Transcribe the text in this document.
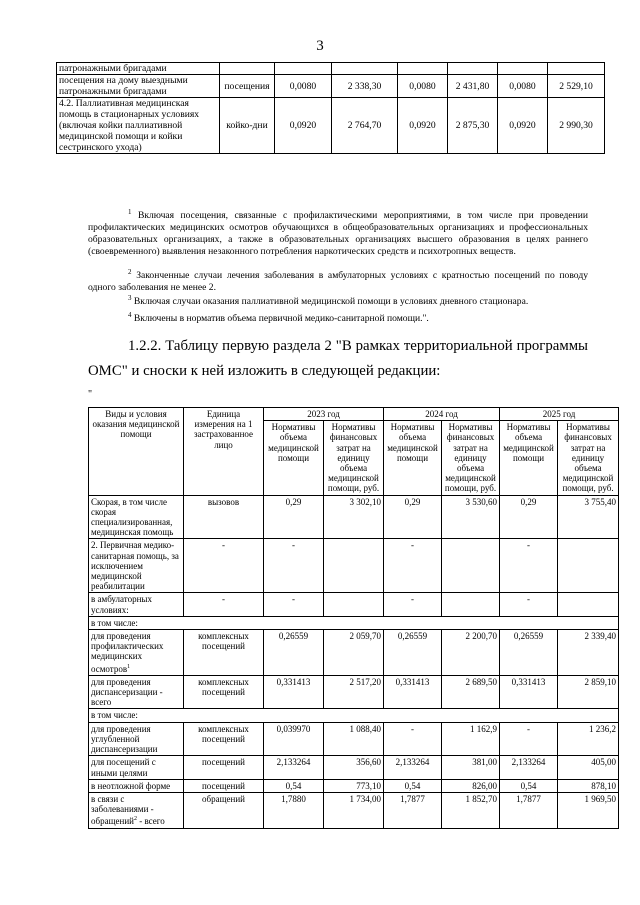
3
патронажными бригадами							
посещения на дому выездными патронажными бригадами	посещения	0,0080	2 338,30	0,0080	2 431,80	0,0080	2 529,10
4.2. Паллиативная медицинская помощь в стационарных условиях (включая койки паллиативной медицинской помощи и койки сестринского ухода)	койко-дни	0,0920	2 764,70	0,0920	2 875,30	0,0920	2 990,30
$^1$ Включая посещения, связанные с профилактическими мероприятиями, в том числе при проведении профилактических медицинских осмотров обучающихся в общеобразовательных организациях и профессиональных образовательных организациях, а также в образовательных организациях высшего образования в целях раннего (своевременного) выявления незаконного потребления наркотических средств и психотропных веществ.
$^2$ Законченные случаи лечения заболевания в амбулаторных условиях с кратностью посещений по поводу одного заболевания не менее 2.
$^3$ Включая случаи оказания паллиативной медицинской помощи в условиях дневного стационара.
$^4$ Включены в норматив объема первичной медико-санитарной помощи.".
1.2.2. Таблицу первую раздела 2 "В рамках территориальной программы ОМС" и сноски к ней изложить в следующей редакции:
"
Виды и условия оказания медицинской помощи	Единица измерения на 1 застрахованное лицо	2023 год		2024 год		2025 год	
		Нормативы объема медицинской помощи	Нормативы финансовых затрат на единицу объема медицинской помощи, руб.	Нормативы объема медицинской помощи	Нормативы финансовых затрат на единицу объема медицинской помощи, руб.	Нормативы объема медицинской помощи	Нормативы финансовых затрат на единицу объема медицинской помощи, руб.
Скорая, в том числе скорая специализированная, медицинская помощь	вызовов	0,29	3 302,10	0,29	3 530,60	0,29	3 755,40
2. Первичная медико-санитарная помощь, за исключением медицинской реабилитации	-	-		-		-	
в амбулаторных условиях:	-	-		-		-	
в том числе:							
для проведения профилактических медицинских осмотров$^1$	комплексных посещений	0,26559	2 059,70	0,26559	2 200,70	0,26559	2 339,40
для проведения диспансеризации - всего	комплексных посещений	0,331413	2 517,20	0,331413	2 689,50	0,331413	2 859,10
в том числе:							
для проведения углубленной диспансеризации	комплексных посещений	0,039970	1 088,40	-	1 162,9	-	1 236,2
для посещений с иными целями	посещений	2,133264	356,60	2,133264	381,00	2,133264	405,00
в неотложной форме	посещений	0,54	773,10	0,54	826,00	0,54	878,10
в связи с заболеваниями - обращений$^2$ - всего	обращений	1,7880	1 734,00	1,7877	1 852,70	1,7877	1 969,50
